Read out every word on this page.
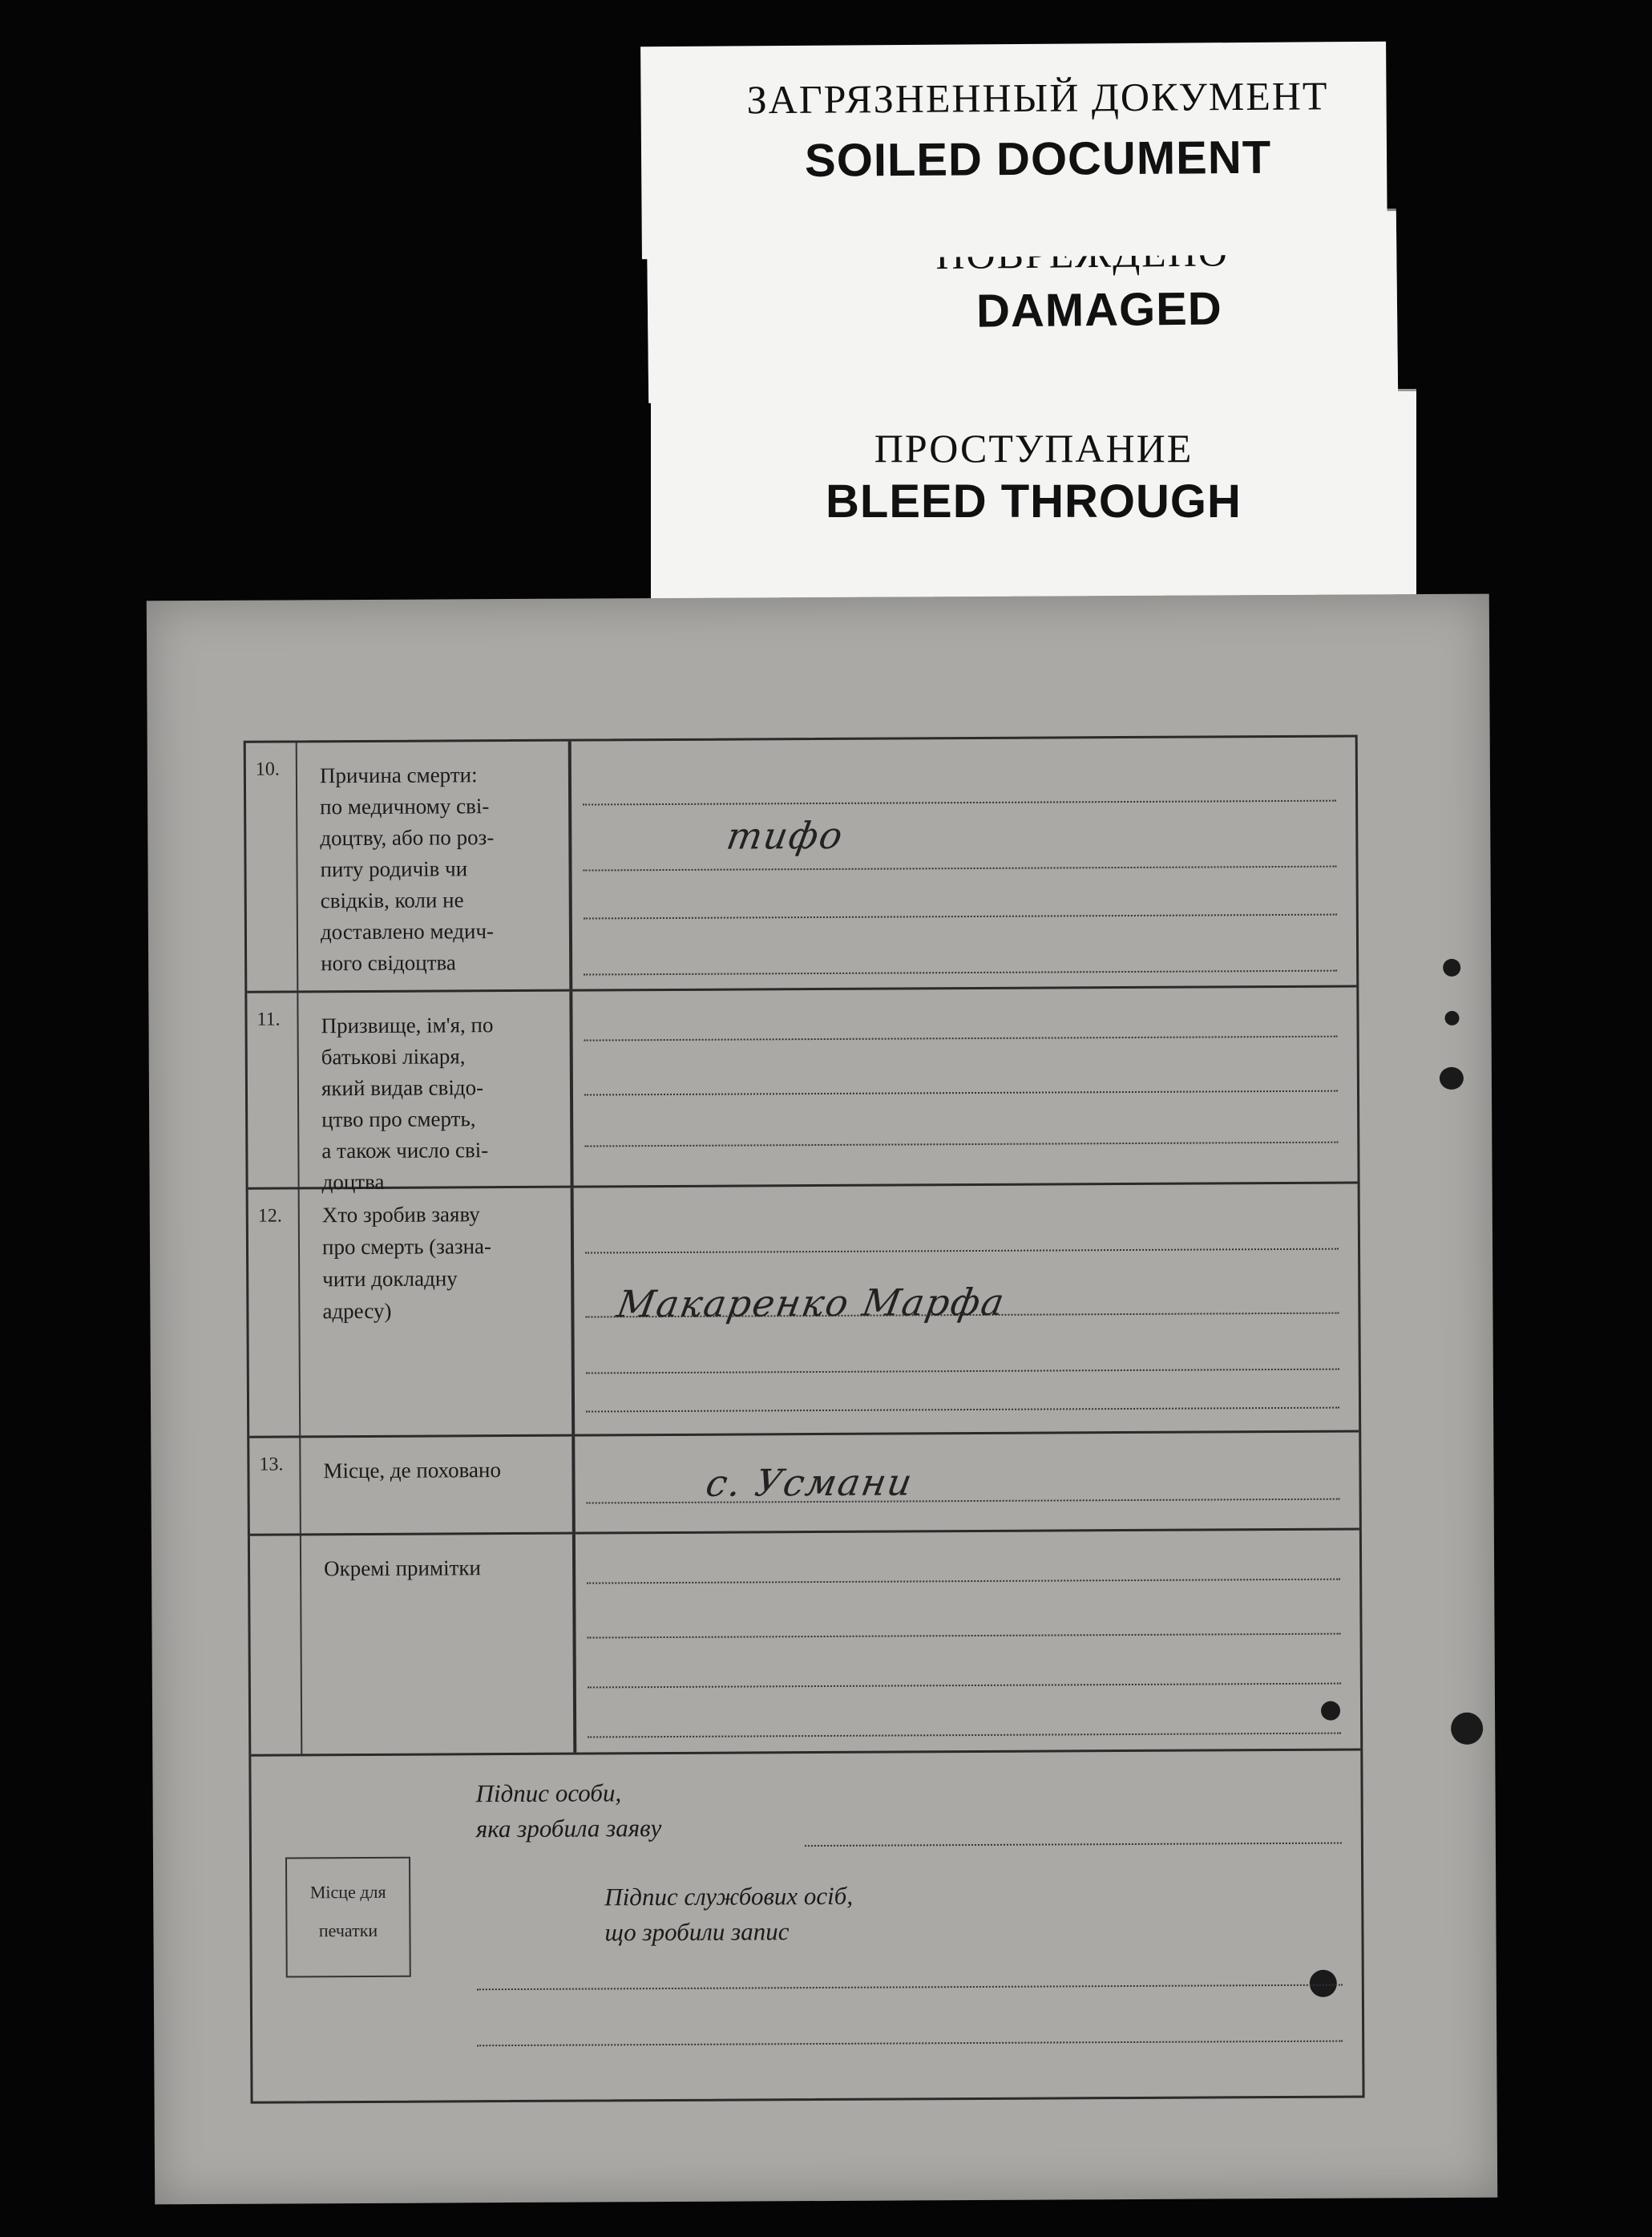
ПРОСТУПАНИЕ
BLEED THROUGH
DAMAGED
ЗАГРЯЗНЕННЫЙ ДОКУМЕНТ
SOILED DOCUMENT
10. Причина смерти:
по медичному сві-
доцтву, або по роз-
питу родичів чи
свідків, коли не
доставлено медич-
ного свідоцтва
тифо
11. Призвище, ім'я, по
батькові лікаря,
який видав свідо-
цтво про смерть,
а також число сві-
доцтва
12. Хто зробив заяву

про смерть (зазна-

чити докладну

адресу)	Макаренко Марфа
13. Місце, де поховано	с. Усмани
Окремі примітки
Підпис особи,
яка зробила заяву
Підпис службових осіб,
що зробили запис
Місце для
печатки
